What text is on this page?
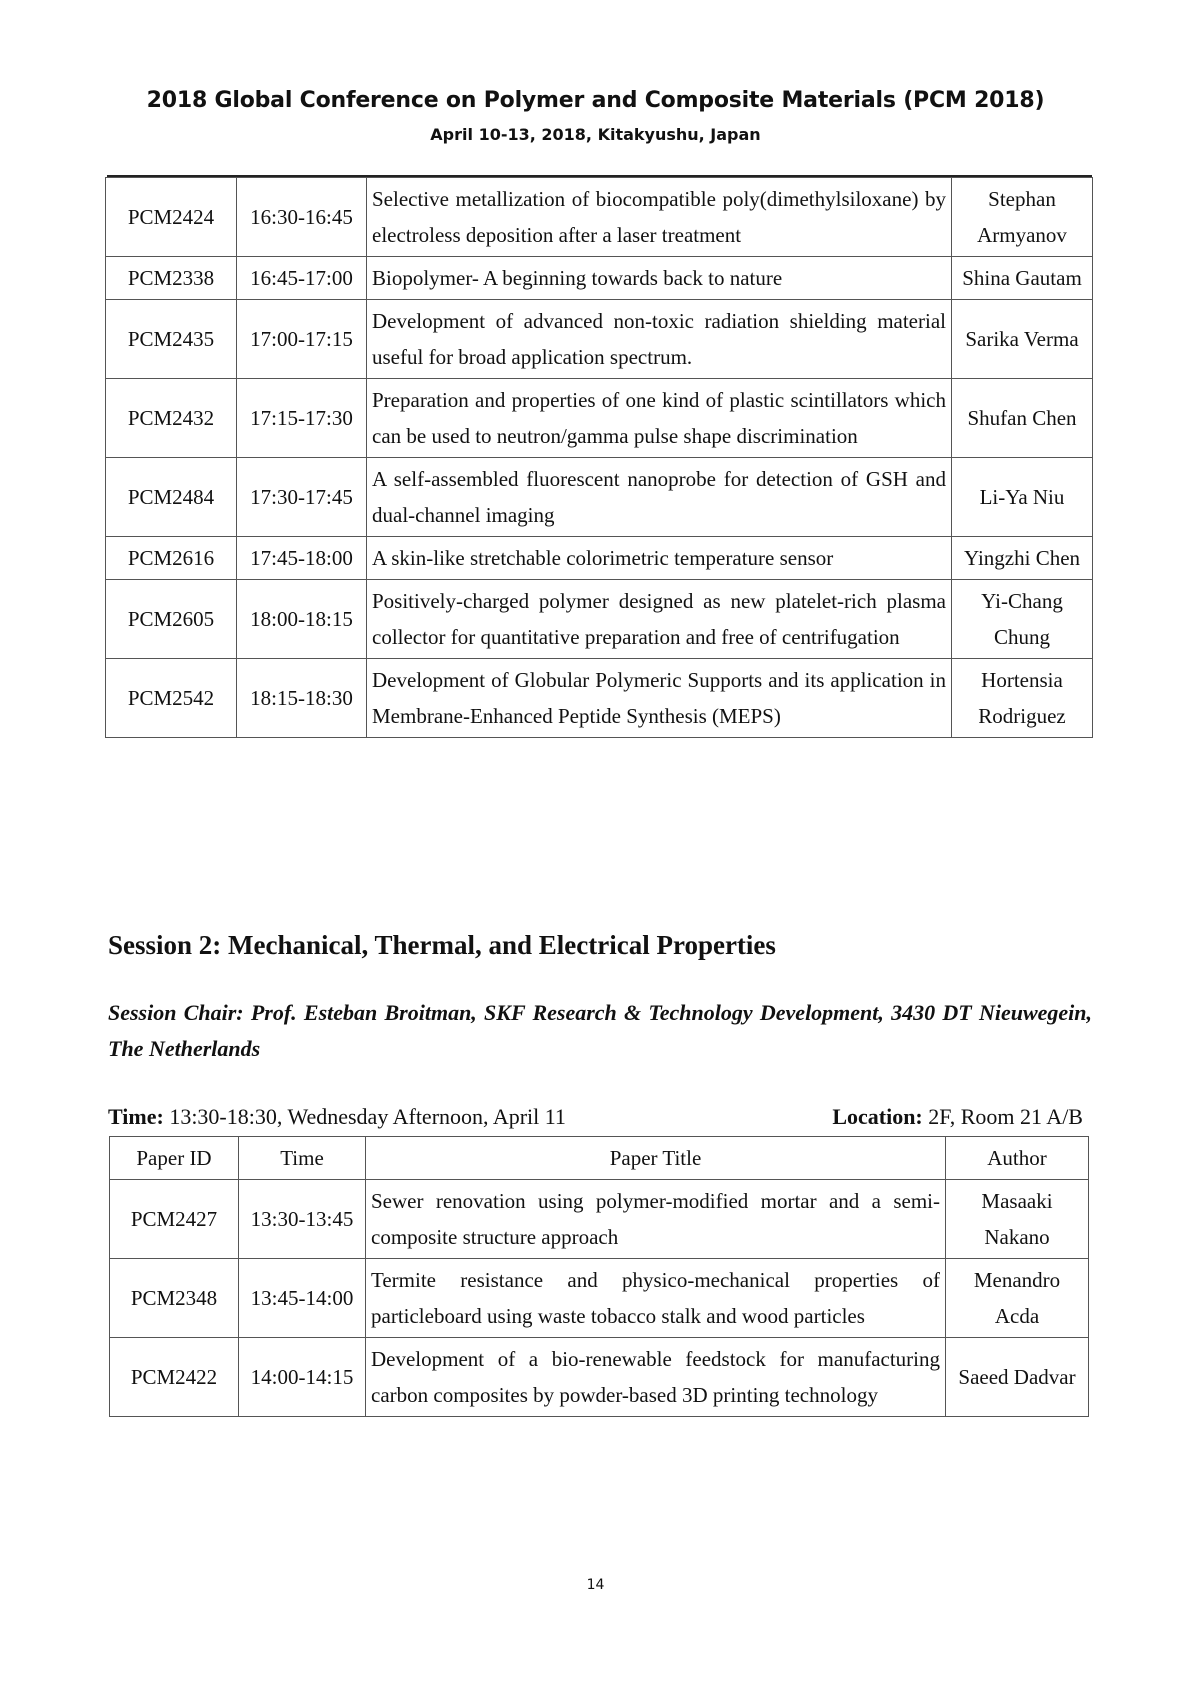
2018 Global Conference on Polymer and Composite Materials (PCM 2018)
April 10-13, 2018, Kitakyushu, Japan
PCM2424	16:30-16:45	Selective metallization of biocompatible poly(dimethylsiloxane) by electroless deposition after a laser treatment	Stephan Armyanov
PCM2338	16:45-17:00	Biopolymer- A beginning towards back to nature	Shina Gautam
PCM2435	17:00-17:15	Development of advanced non-toxic radiation shielding material useful for broad application spectrum.	Sarika Verma
PCM2432	17:15-17:30	Preparation and properties of one kind of plastic scintillators which can be used to neutron/gamma pulse shape discrimination	Shufan Chen
PCM2484	17:30-17:45	A self-assembled fluorescent nanoprobe for detection of GSH and dual-channel imaging	Li-Ya Niu
PCM2616	17:45-18:00	A skin-like stretchable colorimetric temperature sensor	Yingzhi Chen
PCM2605	18:00-18:15	Positively-charged polymer designed as new platelet-rich plasma collector for quantitative preparation and free of centrifugation	Yi-Chang Chung
PCM2542	18:15-18:30	Development of Globular Polymeric Supports and its application in Membrane-Enhanced Peptide Synthesis (MEPS)	Hortensia Rodriguez
Session 2: Mechanical, Thermal, and Electrical Properties
Session Chair: Prof. Esteban Broitman, SKF Research & Technology Development, 3430 DT Nieuwegein, The Netherlands
Time: 13:30-18:30, Wednesday Afternoon, April 11	Location: 2F, Room 21 A/B
Paper ID	Time	Paper Title	Author
PCM2427	13:30-13:45	Sewer renovation using polymer-modified mortar and a semi-composite structure approach	Masaaki Nakano
PCM2348	13:45-14:00	Termite resistance and physico-mechanical properties of particleboard using waste tobacco stalk and wood particles	Menandro Acda
PCM2422	14:00-14:15	Development of a bio-renewable feedstock for manufacturing carbon composites by powder-based 3D printing technology	Saeed Dadvar
14
